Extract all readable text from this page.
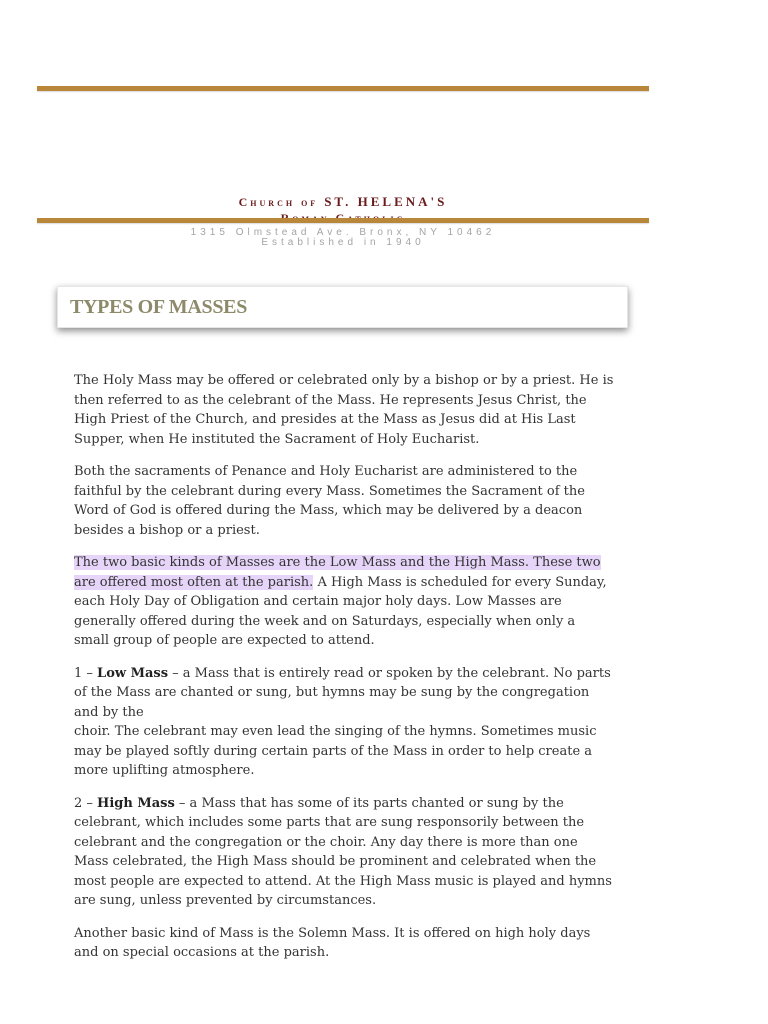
Church of ST. HELENA'S
1315 Olmstead Ave. Bronx, NY 10462
Established in 1940
TYPES OF MASSES

The Holy Mass may be offered or celebrated only by a bishop or by a priest. He is then referred to as the celebrant of the Mass. He represents Jesus Christ, the High Priest of the Church, and presides at the Mass as Jesus did at His Last Supper, when He instituted the Sacrament of Holy Eucharist.

Both the sacraments of Penance and Holy Eucharist are administered to the faithful by the celebrant during every Mass. Sometimes the Sacrament of the Word of God is offered during the Mass, which may be delivered by a deacon besides a bishop or a priest.

The two basic kinds of Masses are the Low Mass and the High Mass. These two are offered most often at the parish. A High Mass is scheduled for every Sunday, each Holy Day of Obligation and certain major holy days. Low Masses are generally offered during the week and on Saturdays, especially when only a small group of people are expected to attend.

1 – Low Mass – a Mass that is entirely read or spoken by the celebrant. No parts of the Mass are chanted or sung, but hymns may be sung by the congregation and by the
choir. The celebrant may even lead the singing of the hymns. Sometimes music may be played softly during certain parts of the Mass in order to help create a more uplifting atmosphere.

2 – High Mass – a Mass that has some of its parts chanted or sung by the celebrant, which includes some parts that are sung responsorily between the celebrant and the congregation or the choir. Any day there is more than one Mass celebrated, the High Mass should be prominent and celebrated when the most people are expected to attend. At the High Mass music is played and hymns are sung, unless prevented by circumstances.

Another basic kind of Mass is the Solemn Mass. It is offered on high holy days and on special occasions at the parish.
